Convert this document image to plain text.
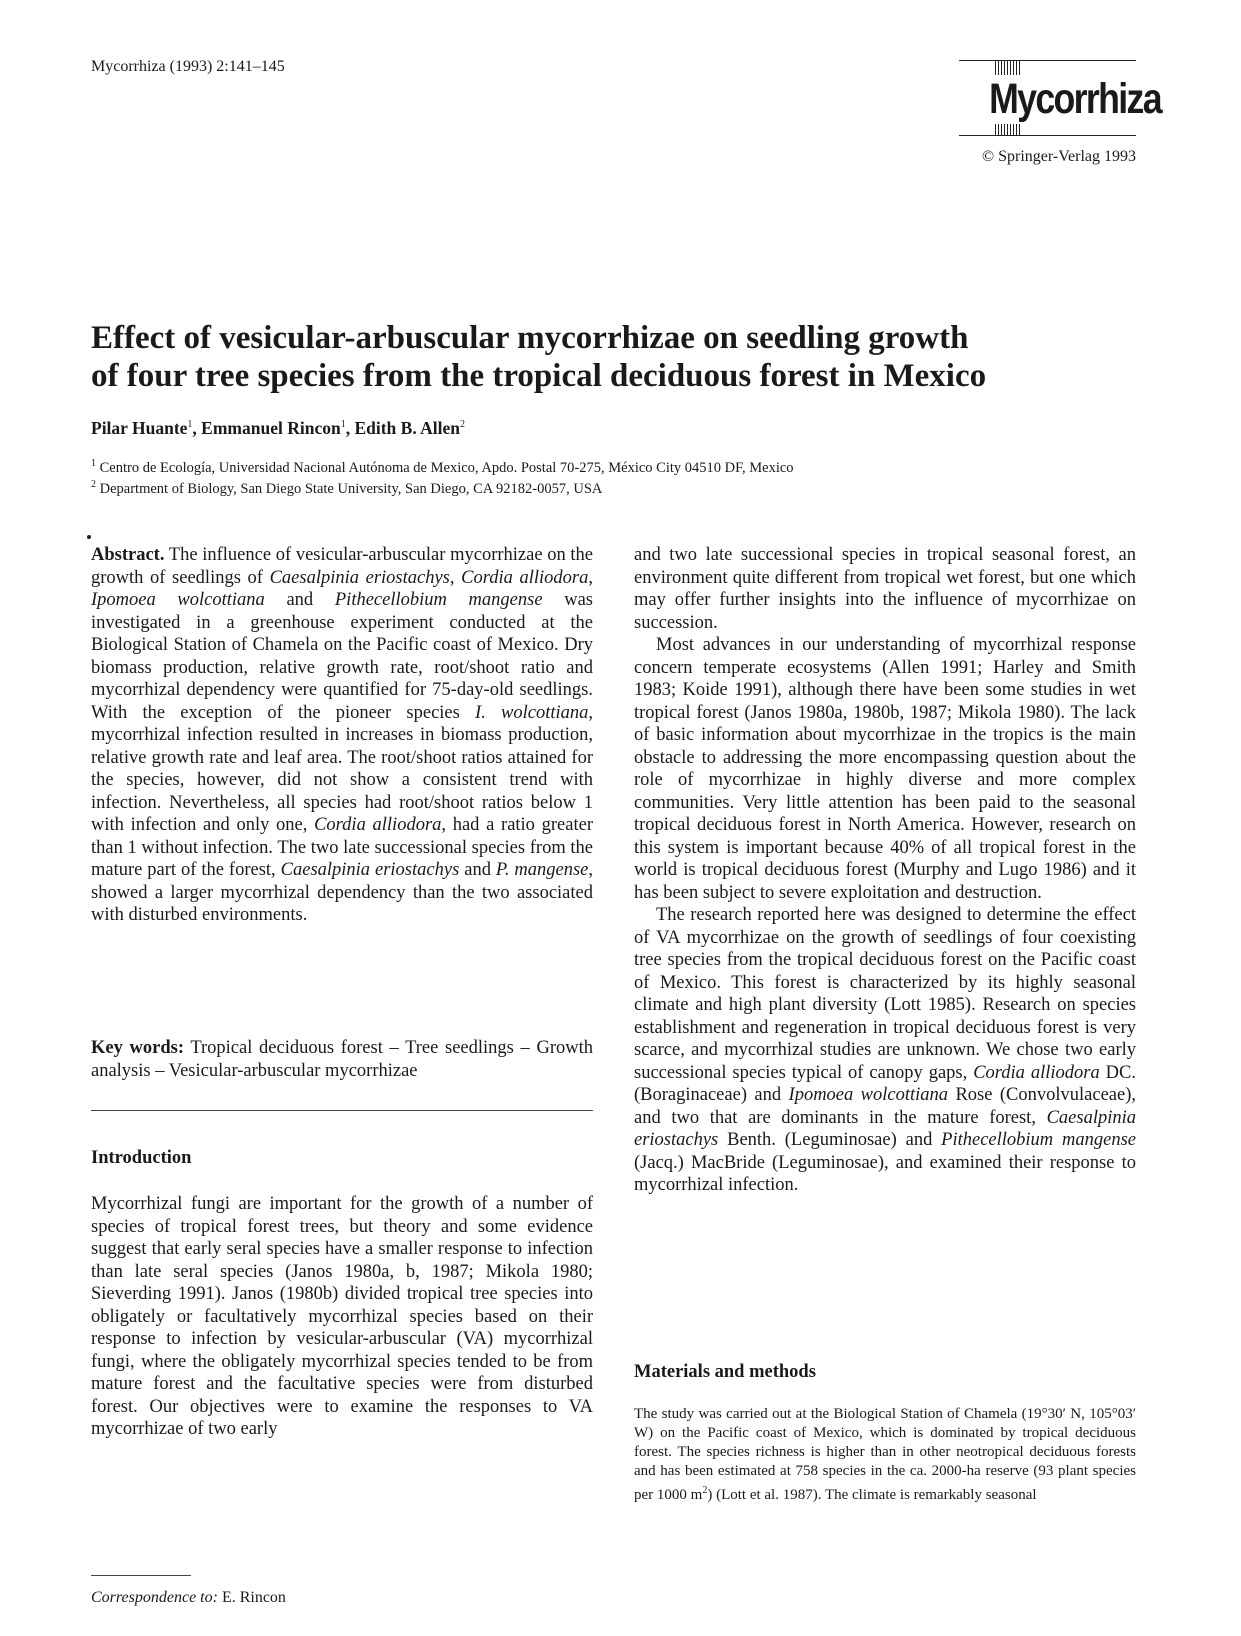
Mycorrhiza (1993) 2:141–145
Mycorrhiza
© Springer-Verlag 1993
Effect of vesicular-arbuscular mycorrhizae on seedling growth
of four tree species from the tropical deciduous forest in Mexico
Pilar Huante$^1$, Emmanuel Rincon$^1$, Edith B. Allen$^2$
$^1$ Centro de Ecología, Universidad Nacional Autónoma de Mexico, Apdo. Postal 70-275, México City 04510 DF, Mexico
$^2$ Department of Biology, San Diego State University, San Diego, CA 92182-0057, USA

Abstract. The influence of vesicular-arbuscular mycorrhizae on the growth of seedlings of Caesalpinia eriostachys, Cordia alliodora, Ipomoea wolcottiana and Pithecellobium mangense was investigated in a greenhouse experiment conducted at the Biological Station of Chamela on the Pacific coast of Mexico. Dry biomass production, relative growth rate, root/shoot ratio and mycorrhizal dependency were quantified for 75-day-old seedlings. With the exception of the pioneer species I. wolcottiana, mycorrhizal infection resulted in increases in biomass production, relative growth rate and leaf area. The root/shoot ratios attained for the species, however, did not show a consistent trend with infection. Nevertheless, all species had root/shoot ratios below 1 with infection and only one, Cordia alliodora, had a ratio greater than 1 without infection. The two late successional species from the mature part of the forest, Caesalpinia eriostachys and P. mangense, showed a larger mycorrhizal dependency than the two associated with disturbed environments.

Key words: Tropical deciduous forest – Tree seedlings – Growth analysis – Vesicular-arbuscular mycorrhizae

Introduction

Mycorrhizal fungi are important for the growth of a number of species of tropical forest trees, but theory and some evidence suggest that early seral species have a smaller response to infection than late seral species (Janos 1980a, b, 1987; Mikola 1980; Sieverding 1991). Janos (1980b) divided tropical tree species into obligately or facultatively mycorrhizal species based on their response to infection by vesicular-arbuscular (VA) mycorrhizal fungi, where the obligately mycorrhizal species tended to be from mature forest and the facultative species were from disturbed forest. Our objectives were to examine the responses to VA mycorrhizae of two early

Correspondence to: E. Rincon

and two late successional species in tropical seasonal forest, an environment quite different from tropical wet forest, but one which may offer further insights into the influence of mycorrhizae on succession.

Most advances in our understanding of mycorrhizal response concern temperate ecosystems (Allen 1991; Harley and Smith 1983; Koide 1991), although there have been some studies in wet tropical forest (Janos 1980a, 1980b, 1987; Mikola 1980). The lack of basic information about mycorrhizae in the tropics is the main obstacle to addressing the more encompassing question about the role of mycorrhizae in highly diverse and more complex communities. Very little attention has been paid to the seasonal tropical deciduous forest in North America. However, research on this system is important because 40% of all tropical forest in the world is tropical deciduous forest (Murphy and Lugo 1986) and it has been subject to severe exploitation and destruction.

The research reported here was designed to determine the effect of VA mycorrhizae on the growth of seedlings of four coexisting tree species from the tropical deciduous forest on the Pacific coast of Mexico. This forest is characterized by its highly seasonal climate and high plant diversity (Lott 1985). Research on species establishment and regeneration in tropical deciduous forest is very scarce, and mycorrhizal studies are unknown. We chose two early successional species typical of canopy gaps, Cordia alliodora DC. (Boraginaceae) and Ipomoea wolcottiana Rose (Convolvulaceae), and two that are dominants in the mature forest, Caesalpinia eriostachys Benth. (Leguminosae) and Pithecellobium mangense (Jacq.) MacBride (Leguminosae), and examined their response to mycorrhizal infection.

Materials and methods

The study was carried out at the Biological Station of Chamela (19°30′ N, 105°03′ W) on the Pacific coast of Mexico, which is dominated by tropical deciduous forest. The species richness is higher than in other neotropical deciduous forests and has been estimated at 758 species in the ca. 2000-ha reserve (93 plant species per 1000 $m^2$) (Lott et al. 1987). The climate is remarkably seasonal
